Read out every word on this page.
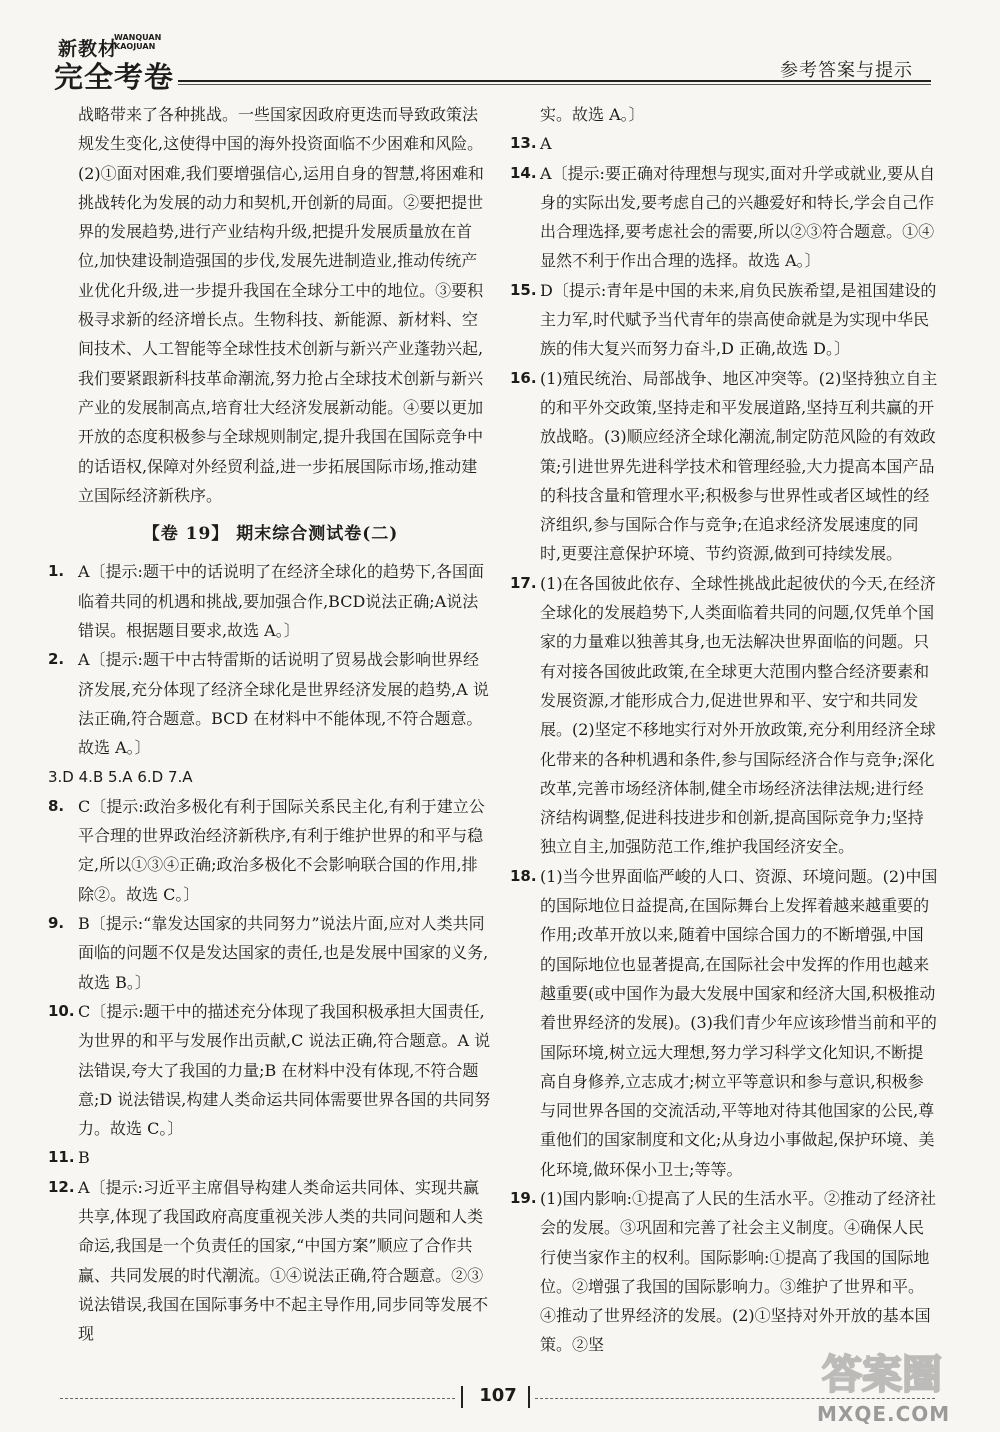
新教材
WANQUAN KAOJUAN
完全考卷	参考答案与提示
战略带来了各种挑战。一些国家因政府更迭而导致政策法规发生变化,这使得中国的海外投资面临不少困难和风险。
(2)①面对困难,我们要增强信心,运用自身的智慧,将困难和挑战转化为发展的动力和契机,开创新的局面。②要把提世界的发展趋势,进行产业结构升级,把提升发展质量放在首位,加快建设制造强国的步伐,发展先进制造业,推动传统产业优化升级,进一步提升我国在全球分工中的地位。③要积极寻求新的经济增长点。生物科技、新能源、新材料、空间技术、人工智能等全球性技术创新与新兴产业蓬勃兴起,我们要紧跟新科技革命潮流,努力抢占全球技术创新与新兴产业的发展制高点,培育壮大经济发展新动能。④要以更加开放的态度积极参与全球规则制定,提升我国在国际竞争中的话语权,保障对外经贸利益,进一步拓展国际市场,推动建立国际经济新秩序。
【卷 19】 期末综合测试卷(二)
1. A〔提示:题干中的话说明了在经济全球化的趋势下,各国面临着共同的机遇和挑战,要加强合作,BCD说法正确;A说法错误。根据题目要求,故选 A。〕
2. A〔提示:题干中古特雷斯的话说明了贸易战会影响世界经济发展,充分体现了经济全球化是世界经济发展的趋势,A 说法正确,符合题意。BCD 在材料中不能体现,不符合题意。故选 A。〕
3.D 4.B 5.A 6.D 7.A
8. C〔提示:政治多极化有利于国际关系民主化,有利于建立公平合理的世界政治经济新秩序,有利于维护世界的和平与稳定,所以①③④正确;政治多极化不会影响联合国的作用,排除②。故选 C。〕
9. B〔提示:“靠发达国家的共同努力”说法片面,应对人类共同面临的问题不仅是发达国家的责任,也是发展中国家的义务,故选 B。〕
10. C〔提示:题干中的描述充分体现了我国积极承担大国责任,为世界的和平与发展作出贡献,C 说法正确,符合题意。A 说法错误,夸大了我国的力量;B 在材料中没有体现,不符合题意;D 说法错误,构建人类命运共同体需要世界各国的共同努力。故选 C。〕
11. B
12. A〔提示:习近平主席倡导构建人类命运共同体、实现共赢共享,体现了我国政府高度重视关涉人类的共同问题和人类命运,我国是一个负责任的国家,“中国方案”顺应了合作共赢、共同发展的时代潮流。①④说法正确,符合题意。②③说法错误,我国在国际事务中不起主导作用,同步同等发展不现
实。故选 A。〕
13. A
14. A〔提示:要正确对待理想与现实,面对升学或就业,要从自身的实际出发,要考虑自己的兴趣爱好和特长,学会自己作出合理选择,要考虑社会的需要,所以②③符合题意。①④显然不利于作出合理的选择。故选 A。〕
15. D〔提示:青年是中国的未来,肩负民族希望,是祖国建设的主力军,时代赋予当代青年的崇高使命就是为实现中华民族的伟大复兴而努力奋斗,D 正确,故选 D。〕
16. (1)殖民统治、局部战争、地区冲突等。(2)坚持独立自主的和平外交政策,坚持走和平发展道路,坚持互利共赢的开放战略。(3)顺应经济全球化潮流,制定防范风险的有效政策;引进世界先进科学技术和管理经验,大力提高本国产品的科技含量和管理水平;积极参与世界性或者区域性的经济组织,参与国际合作与竞争;在追求经济发展速度的同时,更要注意保护环境、节约资源,做到可持续发展。
17. (1)在各国彼此依存、全球性挑战此起彼伏的今天,在经济全球化的发展趋势下,人类面临着共同的问题,仅凭单个国家的力量难以独善其身,也无法解决世界面临的问题。只有对接各国彼此政策,在全球更大范围内整合经济要素和发展资源,才能形成合力,促进世界和平、安宁和共同发展。(2)坚定不移地实行对外开放政策,充分利用经济全球化带来的各种机遇和条件,参与国际经济合作与竞争;深化改革,完善市场经济体制,健全市场经济法律法规;进行经济结构调整,促进科技进步和创新,提高国际竞争力;坚持独立自主,加强防范工作,维护我国经济安全。
18. (1)当今世界面临严峻的人口、资源、环境问题。(2)中国的国际地位日益提高,在国际舞台上发挥着越来越重要的作用;改革开放以来,随着中国综合国力的不断增强,中国的国际地位也显著提高,在国际社会中发挥的作用也越来越重要(或中国作为最大发展中国家和经济大国,积极推动着世界经济的发展)。(3)我们青少年应该珍惜当前和平的国际环境,树立远大理想,努力学习科学文化知识,不断提高自身修养,立志成才;树立平等意识和参与意识,积极参与同世界各国的交流活动,平等地对待其他国家的公民,尊重他们的国家制度和文化;从身边小事做起,保护环境、美化环境,做环保小卫士;等等。
19. (1)国内影响:①提高了人民的生活水平。②推动了经济社会的发展。③巩固和完善了社会主义制度。④确保人民行使当家作主的权利。国际影响:①提高了我国的国际地位。②增强了我国的国际影响力。③维护了世界和平。④推动了世界经济的发展。(2)①坚持对外开放的基本国策。②坚
107	答案圈
MXQE.COM
